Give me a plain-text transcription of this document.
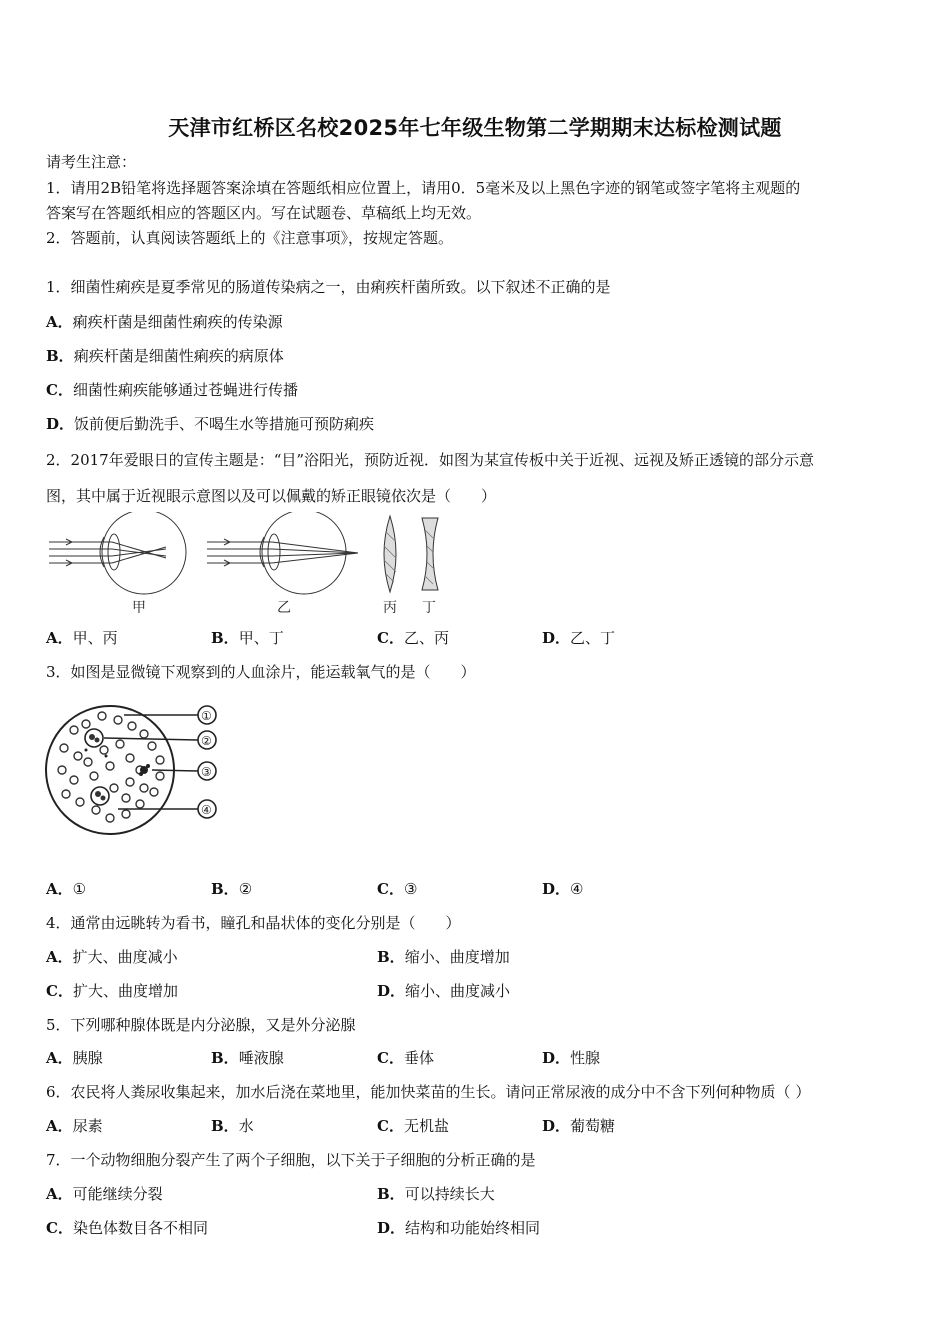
天津市红桥区名校2025年七年级生物第二学期期末达标检测试题
请考生注意：
1．请用2B铅笔将选择题答案涂填在答题纸相应位置上，请用0．5毫米及以上黑色字迹的钢笔或签字笔将主观题的
答案写在答题纸相应的答题区内。写在试题卷、草稿纸上均无效。
2．答题前，认真阅读答题纸上的《注意事项》，按规定答题。
1．细菌性痢疾是夏季常见的肠道传染病之一，由痢疾杆菌所致。以下叙述不正确的是
A．痢疾杆菌是细菌性痢疾的传染源
B．痢疾杆菌是细菌性痢疾的病原体
C．细菌性痢疾能够通过苍蝇进行传播
D．饭前便后勤洗手、不喝生水等措施可预防痢疾
2．2017年爱眼日的宣传主题是：“目”浴阳光，预防近视．如图为某宣传板中关于近视、远视及矫正透镜的部分示意
图，其中属于近视眼示意图以及可以佩戴的矫正眼镜依次是（　　）
甲	乙	丙 丁
A．甲、丙	B．甲、丁	C．乙、丙	D．乙、丁
3．如图是显微镜下观察到的人血涂片，能运载氧气的是（　　）
①
②
③
④
A．①	B．②	C．③	D．④
4．通常由远眺转为看书，瞳孔和晶状体的变化分别是（　　）
A．扩大、曲度减小	B．缩小、曲度增加
C．扩大、曲度增加	D．缩小、曲度减小
5．下列哪种腺体既是内分泌腺，又是外分泌腺
A．胰腺	B．唾液腺	C．垂体	D．性腺
6．农民将人粪尿收集起来，加水后浇在菜地里，能加快菜苗的生长。请问正常尿液的成分中不含下列何种物质（ ）
A．尿素	B．水	C．无机盐	D．葡萄糖
7．一个动物细胞分裂产生了两个子细胞，以下关于子细胞的分析正确的是
A．可能继续分裂	B．可以持续长大
C．染色体数目各不相同	D．结构和功能始终相同
